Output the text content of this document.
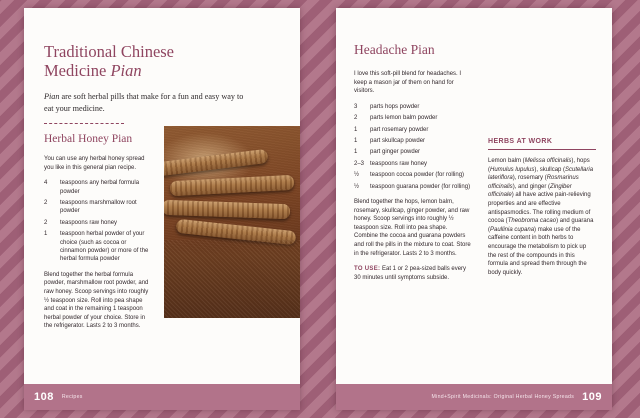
Traditional Chinese
Medicine Pian

Pian are soft herbal pills that make for a fun and easy way to eat your medicine.

Herbal Honey Pian

You can use any herbal honey spread you like in this general pian recipe.

4	teaspoons any herbal formula powder
2	teaspoons marshmallow root powder
2	teaspoons raw honey
1	teaspoon herbal powder of your choice (such as cocoa or cinnamon powder) or more of the herbal formula powder

Blend together the herbal formula powder, marshmallow root powder, and raw honey. Scoop servings into roughly ½ teaspoon size. Roll into pea shape and coat in the remaining 1 teaspoon herbal powder of your choice. Store in the refrigerator. Lasts 2 to 3 months.

108 Recipes
Headache Pian

I love this soft-pill blend for headaches. I keep a mason jar of them on hand for visitors.

3	parts hops powder
2	parts lemon balm powder
1	part rosemary powder
1	part skullcap powder
1	part ginger powder
2–3 teaspoons raw honey
½	teaspoon cocoa powder (for rolling)
½	teaspoon guarana powder (for rolling)

Blend together the hops, lemon balm, rosemary, skullcap, ginger powder, and raw honey. Scoop servings into roughly ½ teaspoon size. Roll into pea shape. Combine the cocoa and guarana powders and roll the pills in the mixture to coat. Store in the refrigerator. Lasts 2 to 3 months.

TO USE: Eat 1 or 2 pea-sized balls every 30 minutes until symptoms subside.

HERBS AT WORK

Lemon balm (Melissa officinalis), hops (Humulus lupulus), skullcap (Scutellaria lateriflora), rosemary (Rosmarinus officinalis), and ginger (Zingiber officinale) all have active pain-relieving properties and are effective antispasmodics. The rolling medium of cocoa (Theobroma cacao) and guarana (Paullinia cupana) make use of the caffeine content in both herbs to encourage the metabolism to pick up the rest of the compounds in this formula and spread them through the body quickly.

Mind+Spirit Medicinals: Original Herbal Honey Spreads 109
